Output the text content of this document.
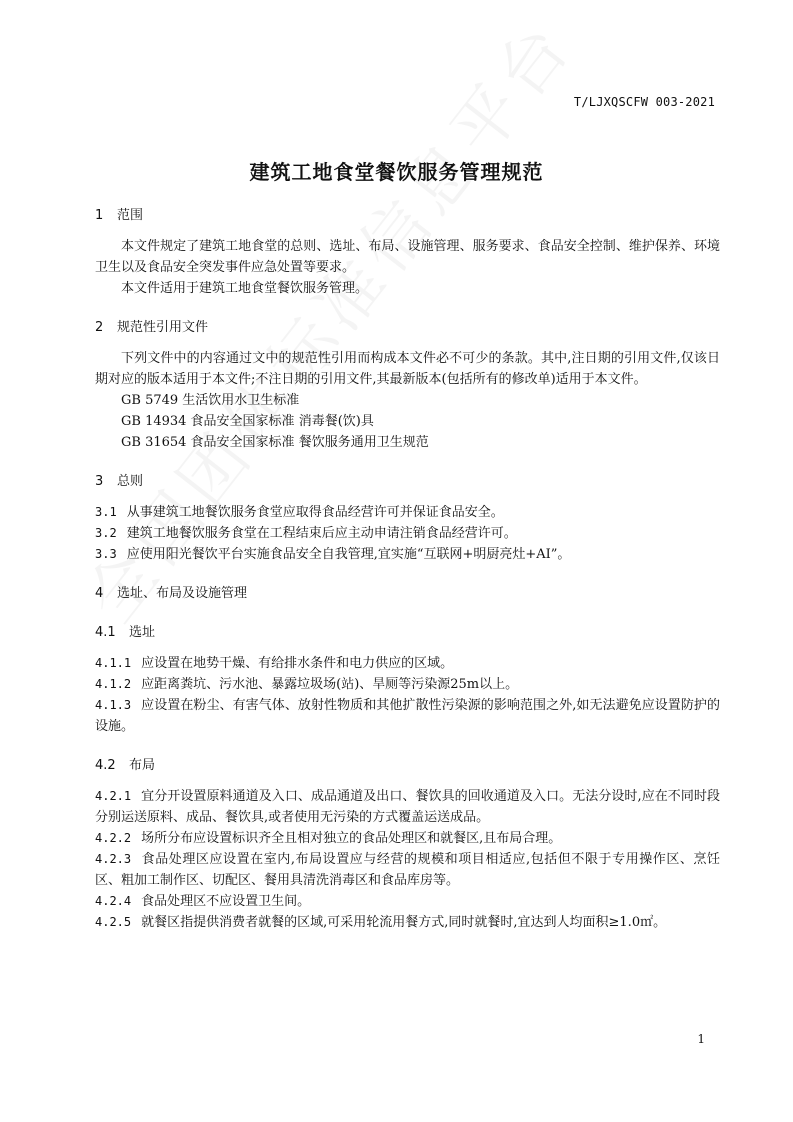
T/LJXQSCFW 003-2021
建筑工地食堂餐饮服务管理规范

1 范围

本文件规定了建筑工地食堂的总则、选址、布局、设施管理、服务要求、食品安全控制、维护保养、环境卫生以及食品安全突发事件应急处置等要求。

本文件适用于建筑工地食堂餐饮服务管理。

2 规范性引用文件

下列文件中的内容通过文中的规范性引用而构成本文件必不可少的条款。其中,注日期的引用文件,仅该日期对应的版本适用于本文件;不注日期的引用文件,其最新版本(包括所有的修改单)适用于本文件。

GB 5749 生活饮用水卫生标准

GB 14934 食品安全国家标准 消毒餐(饮)具

GB 31654 食品安全国家标准 餐饮服务通用卫生规范

3 总则

3.1 从事建筑工地餐饮服务食堂应取得食品经营许可并保证食品安全。

3.2 建筑工地餐饮服务食堂在工程结束后应主动申请注销食品经营许可。

3.3 应使用阳光餐饮平台实施食品安全自我管理,宜实施“互联网+明厨亮灶+AI”。

4 选址、布局及设施管理

4.1 选址

4.1.1 应设置在地势干燥、有给排水条件和电力供应的区域。

4.1.2 应距离粪坑、污水池、暴露垃圾场(站)、旱厕等污染源25m以上。

4.1.3 应设置在粉尘、有害气体、放射性物质和其他扩散性污染源的影响范围之外,如无法避免应设置防护的设施。

4.2 布局

4.2.1 宜分开设置原料通道及入口、成品通道及出口、餐饮具的回收通道及入口。无法分设时,应在不同时段分别运送原料、成品、餐饮具,或者使用无污染的方式覆盖运送成品。

4.2.2 场所分布应设置标识齐全且相对独立的食品处理区和就餐区,且布局合理。

4.2.3 食品处理区应设置在室内,布局设置应与经营的规模和项目相适应,包括但不限于专用操作区、烹饪区、粗加工制作区、切配区、餐用具清洗消毒区和食品库房等。

4.2.4 食品处理区不应设置卫生间。

4.2.5 就餐区指提供消费者就餐的区域,可采用轮流用餐方式,同时就餐时,宜达到人均面积≥1.0㎡。

1
